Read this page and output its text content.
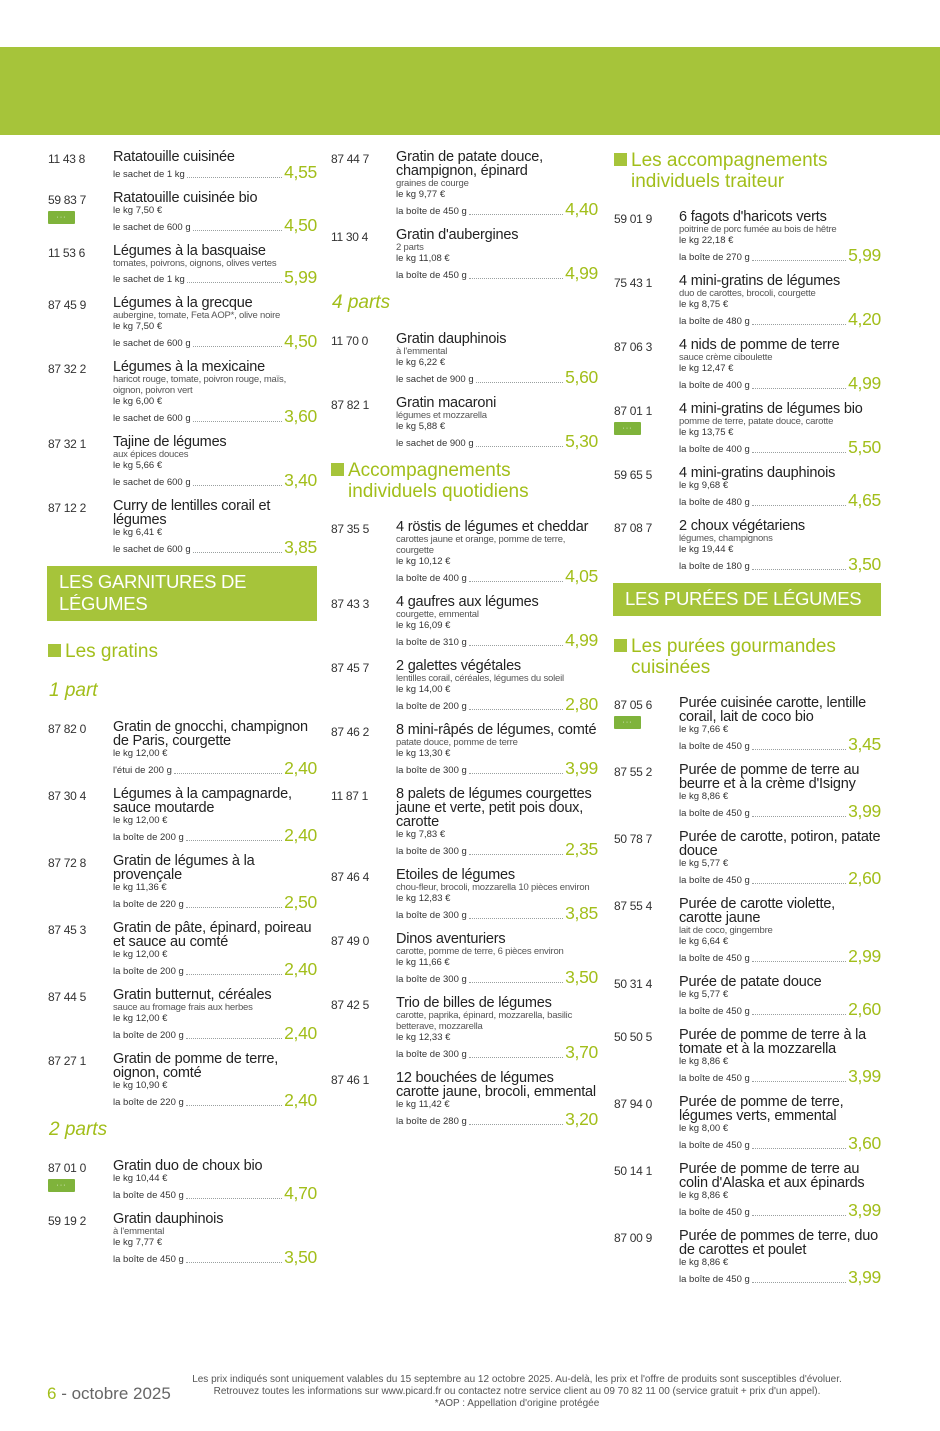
11 43 8 Ratatouille cuisinée
le sachet de 1 kg	4,55
59 83 7
···
Ratatouille cuisinée bio
le kg 7,50 €
le sachet de 600 g	4,50
11 53 6 Légumes à la basquaise
tomates, poivrons, oignons, olives vertes
le sachet de 1 kg	5,99
87 45 9 Légumes à la grecque
aubergine, tomate, Feta AOP*, olive noire
le kg 7,50 €
le sachet de 600 g	4,50
87 32 2 Légumes à la mexicaine
haricot rouge, tomate, poivron rouge, maïs, oignon, poivron vert
le kg 6,00 €
le sachet de 600 g	3,60
87 32 1 Tajine de légumes
aux épices douces
le kg 5,66 €
le sachet de 600 g	3,40
87 12 2 Curry de lentilles corail et légumes
le kg 6,41 €
le sachet de 600 g	3,85
LES GARNITURES DE LÉGUMES
Les gratins
1 part
87 82 0 Gratin de gnocchi, champignon de Paris, courgette
le kg 12,00 €
l'étui de 200 g	2,40
87 30 4 Légumes à la campagnarde, sauce moutarde
le kg 12,00 €
la boîte de 200 g	2,40
87 72 8 Gratin de légumes à la provençale
le kg 11,36 €
la boîte de 220 g	2,50
87 45 3 Gratin de pâte, épinard, poireau et sauce au comté
le kg 12,00 €
la boîte de 200 g	2,40
87 44 5 Gratin butternut, céréales
sauce au fromage frais aux herbes
le kg 12,00 €
la boîte de 200 g	2,40
87 27 1 Gratin de pomme de terre, oignon, comté
le kg 10,90 €
la boîte de 220 g	2,40
2 parts
87 01 0
···
Gratin duo de choux bio
le kg 10,44 €
la boîte de 450 g	4,70
59 19 2 Gratin dauphinois
à l'emmental
le kg 7,77 €
la boîte de 450 g	3,50
87 44 7 Gratin de patate douce, champignon, épinard
graines de courge
le kg 9,77 €
la boîte de 450 g	4,40
11 30 4 Gratin d'aubergines
2 parts
le kg 11,08 €
la boîte de 450 g	4,99
4 parts
11 70 0 Gratin dauphinois
à l'emmental
le kg 6,22 €
le sachet de 900 g	5,60
87 82 1 Gratin macaroni
légumes et mozzarella
le kg 5,88 €
le sachet de 900 g	5,30
Accompagnements individuels quotidiens
87 35 5 4 röstis de légumes et cheddar
carottes jaune et orange, pomme de terre, courgette
le kg 10,12 €
la boîte de 400 g	4,05
87 43 3 4 gaufres aux légumes
courgette, emmental
le kg 16,09 €
la boîte de 310 g	4,99
87 45 7 2 galettes végétales
lentilles corail, céréales, légumes du soleil
le kg 14,00 €
la boîte de 200 g	2,80
87 46 2 8 mini-râpés de légumes, comté
patate douce, pomme de terre
le kg 13,30 €
la boîte de 300 g	3,99
11 87 1 8 palets de légumes courgettes jaune et verte, petit pois doux, carotte
le kg 7,83 €
la boîte de 300 g	2,35
87 46 4 Etoiles de légumes
chou-fleur, brocoli, mozzarella 10 pièces environ
le kg 12,83 €
la boîte de 300 g	3,85
87 49 0 Dinos aventuriers
carotte, pomme de terre, 6 pièces environ
le kg 11,66 €
la boîte de 300 g	3,50
87 42 5 Trio de billes de légumes
carotte, paprika, épinard, mozzarella, basilic betterave, mozzarella
le kg 12,33 €
la boîte de 300 g	3,70
87 46 1 12 bouchées de légumes carotte jaune, brocoli, emmental
le kg 11,42 €
la boîte de 280 g	3,20
Les accompagnements individuels traiteur
59 01 9 6 fagots d'haricots verts
poitrine de porc fumée au bois de hêtre
le kg 22,18 €
la boîte de 270 g	5,99
75 43 1 4 mini-gratins de légumes
duo de carottes, brocoli, courgette
le kg 8,75 €
la boîte de 480 g	4,20
87 06 3 4 nids de pomme de terre
sauce crème ciboulette
le kg 12,47 €
la boîte de 400 g	4,99
87 01 1
···
4 mini-gratins de légumes bio
pomme de terre, patate douce, carotte
le kg 13,75 €
la boîte de 400 g	5,50
59 65 5 4 mini-gratins dauphinois
le kg 9,68 €
la boîte de 480 g	4,65
87 08 7 2 choux végétariens
légumes, champignons
le kg 19,44 €
la boîte de 180 g	3,50
LES PURÉES DE LÉGUMES
Les purées gourmandes cuisinées
87 05 6
···
Purée cuisinée carotte, lentille corail, lait de coco bio
le kg 7,66 €
la boîte de 450 g	3,45
87 55 2 Purée de pomme de terre au beurre et à la crème d'Isigny
le kg 8,86 €
la boîte de 450 g	3,99
50 78 7 Purée de carotte, potiron, patate douce
le kg 5,77 €
la boîte de 450 g	2,60
87 55 4 Purée de carotte violette, carotte jaune
lait de coco, gingembre
le kg 6,64 €
la boîte de 450 g	2,99
50 31 4 Purée de patate douce
le kg 5,77 €
la boîte de 450 g	2,60
50 50 5 Purée de pomme de terre à la tomate et à la mozzarella
le kg 8,86 €
la boîte de 450 g	3,99
87 94 0 Purée de pomme de terre, légumes verts, emmental
le kg 8,00 €
la boîte de 450 g	3,60
50 14 1 Purée de pomme de terre au colin d'Alaska et aux épinards
le kg 8,86 €
la boîte de 450 g	3,99
87 00 9 Purée de pommes de terre, duo de carottes et poulet
le kg 8,86 €
la boîte de 450 g	3,99
6 - octobre 2025
Les prix indiqués sont uniquement valables du 15 septembre au 12 octobre 2025. Au-delà, les prix et l'offre de produits sont susceptibles d'évoluer.
Retrouvez toutes les informations sur www.picard.fr ou contactez notre service client au 09 70 82 11 00 (service gratuit + prix d'un appel).
*AOP : Appellation d'origine protégée
